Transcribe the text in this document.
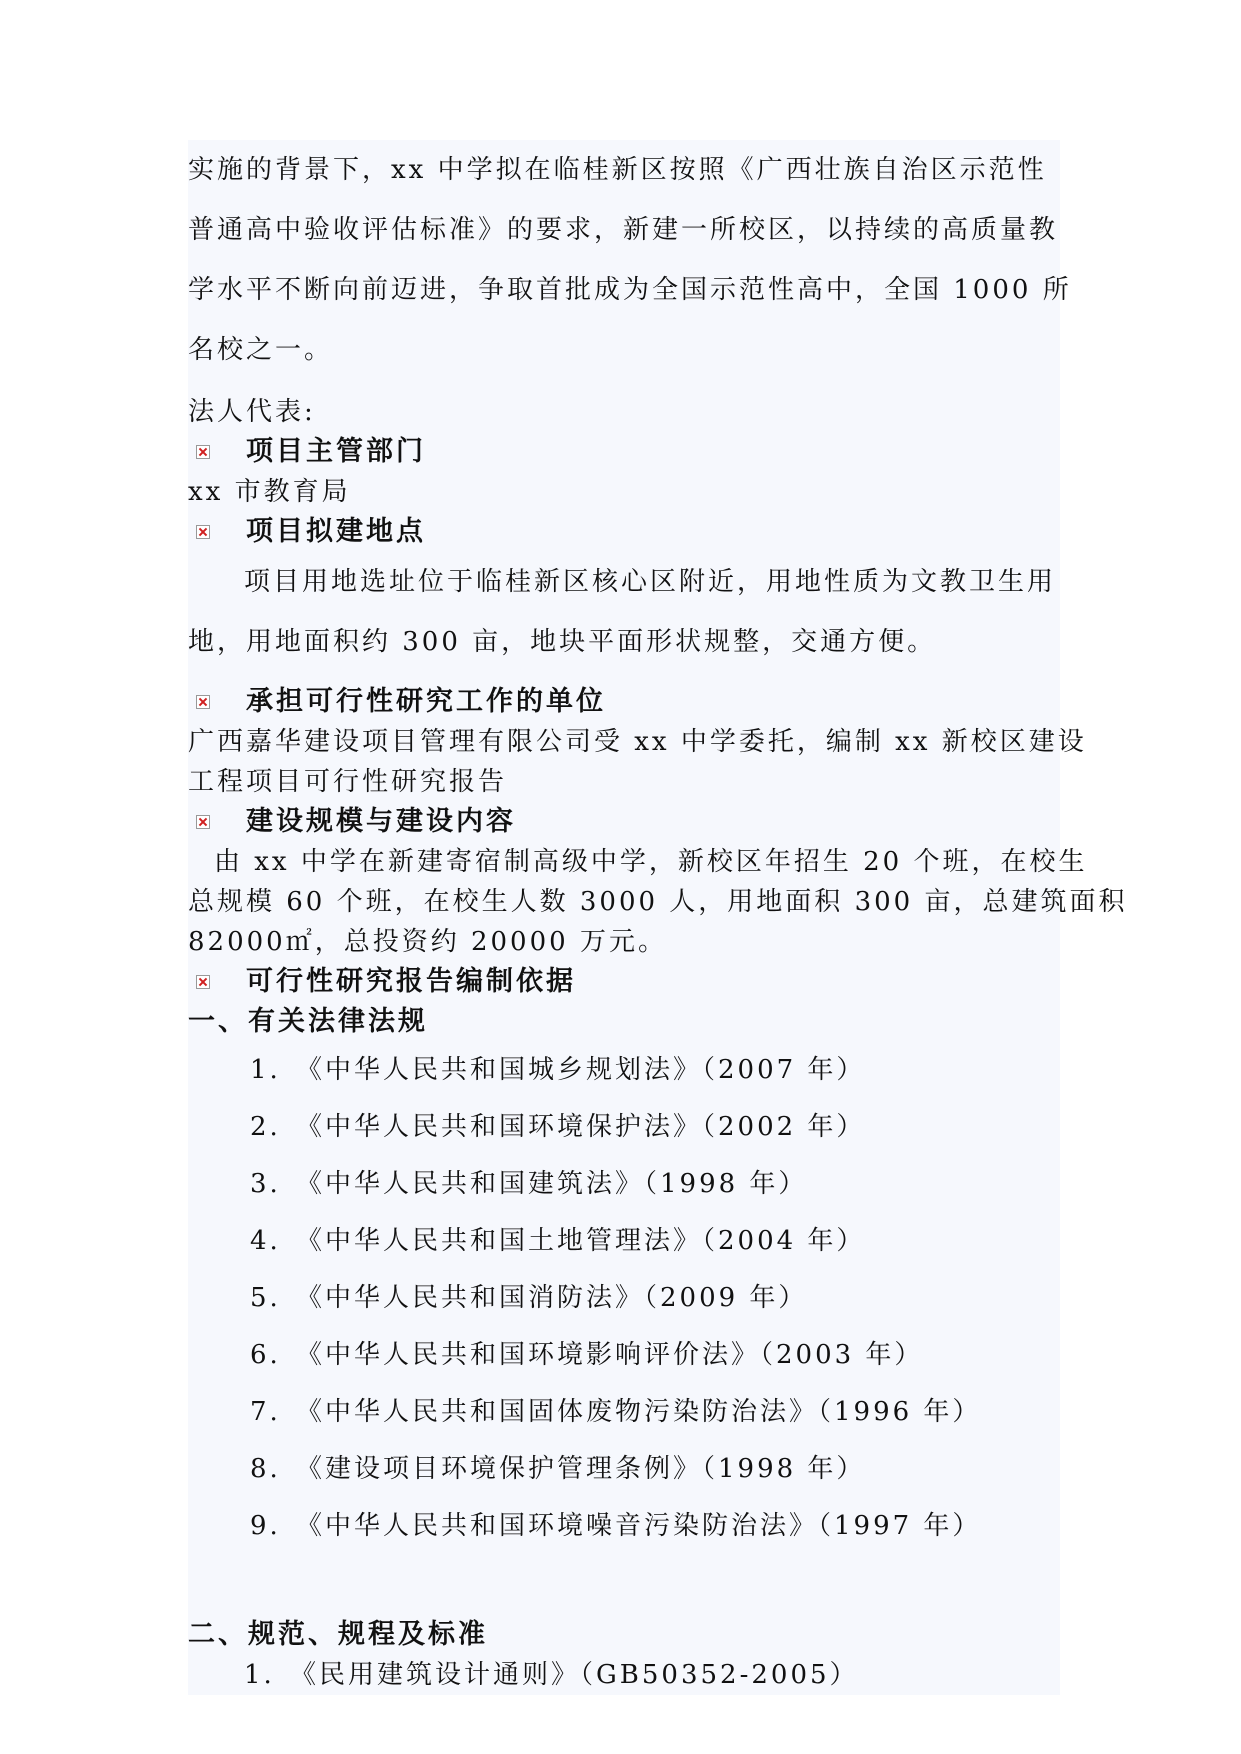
实施的背景下，xx 中学拟在临桂新区按照《广西壮族自治区示范性
普通高中验收评估标准》的要求，新建一所校区，以持续的高质量教
学水平不断向前迈进，争取首批成为全国示范性高中，全国 1000 所
名校之一。
法人代表:
项目主管部门
xx 市教育局
项目拟建地点
项目用地选址位于临桂新区核心区附近，用地性质为文教卫生用
地，用地面积约 300 亩，地块平面形状规整，交通方便。
承担可行性研究工作的单位
广西嘉华建设项目管理有限公司受 xx 中学委托，编制 xx 新校区建设
工程项目可行性研究报告
建设规模与建设内容
由 xx 中学在新建寄宿制高级中学，新校区年招生 20 个班，在校生
总规模 60 个班，在校生人数 3000 人，用地面积 300 亩，总建筑面积
82000㎡，总投资约 20000 万元。
可行性研究报告编制依据
一、有关法律法规
1. 《中华人民共和国城乡规划法》（2007 年）
2. 《中华人民共和国环境保护法》（2002 年）
3. 《中华人民共和国建筑法》（1998 年）
4. 《中华人民共和国土地管理法》（2004 年）
5. 《中华人民共和国消防法》（2009 年）
6. 《中华人民共和国环境影响评价法》（2003 年）
7. 《中华人民共和国固体废物污染防治法》（1996 年）
8. 《建设项目环境保护管理条例》（1998 年）
9. 《中华人民共和国环境噪音污染防治法》（1997 年）
二、规范、规程及标准
1. 《民用建筑设计通则》（GB50352-2005）
